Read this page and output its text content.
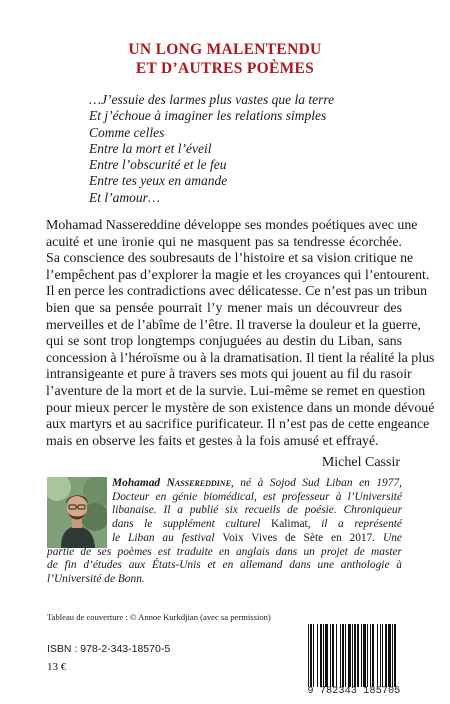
UN LONG MALENTENDU
ET D’AUTRES POÈMES
…J’essuie des larmes plus vastes que la terre
Et j’échoue à imaginer les relations simples
Comme celles
Entre la mort et l’éveil
Entre l’obscurité et le feu
Entre tes yeux en amande
Et l’amour…
Mohamad Nassereddine développe ses mondes poétiques avec une
acuité et une ironie qui ne masquent pas sa tendresse écorchée.
Sa conscience des soubresauts de l’histoire et sa vision critique ne
l’empêchent pas d’explorer la magie et les croyances qui l’entourent.
Il en perce les contradictions avec délicatesse. Ce n’est pas un tribun
bien que sa pensée pourrait l’y mener mais un découvreur des
merveilles et de l’abîme de l’être. Il traverse la douleur et la guerre,
qui se sont trop longtemps conjuguées au destin du Liban, sans
concession à l’héroïsme ou à la dramatisation. Il tient la réalité la plus
intransigeante et pure à travers ses mots qui jouent au fil du rasoir
l’aventure de la mort et de la survie. Lui-même se remet en question
pour mieux percer le mystère de son existence dans un monde dévoué
aux martyrs et au sacrifice purificateur. Il n’est pas de cette engeance
mais en observe les faits et gestes à la fois amusé et effrayé.
Michel Cassir
Mohamad Nassereddine, né à Sojod Sud Liban en 1977,
Docteur en génie biomédical, est professeur à l’Université
libanaise. Il a publié six recueils de poésie. Chroniqueur
dans le supplément culturel Kalimat, il a représenté
le Liban au festival Voix Vives de Sète en 2017. Une
partie de ses poèmes est traduite en anglais dans un projet de master
de fin d’études aux États-Unis et en allemand dans une anthologie à
l’Université de Bonn.
Tableau de couverture : © Annoe Kurkdjian (avec sa permission)
ISBN : 978-2-343-18570-5
13 €
9 782343 185705
